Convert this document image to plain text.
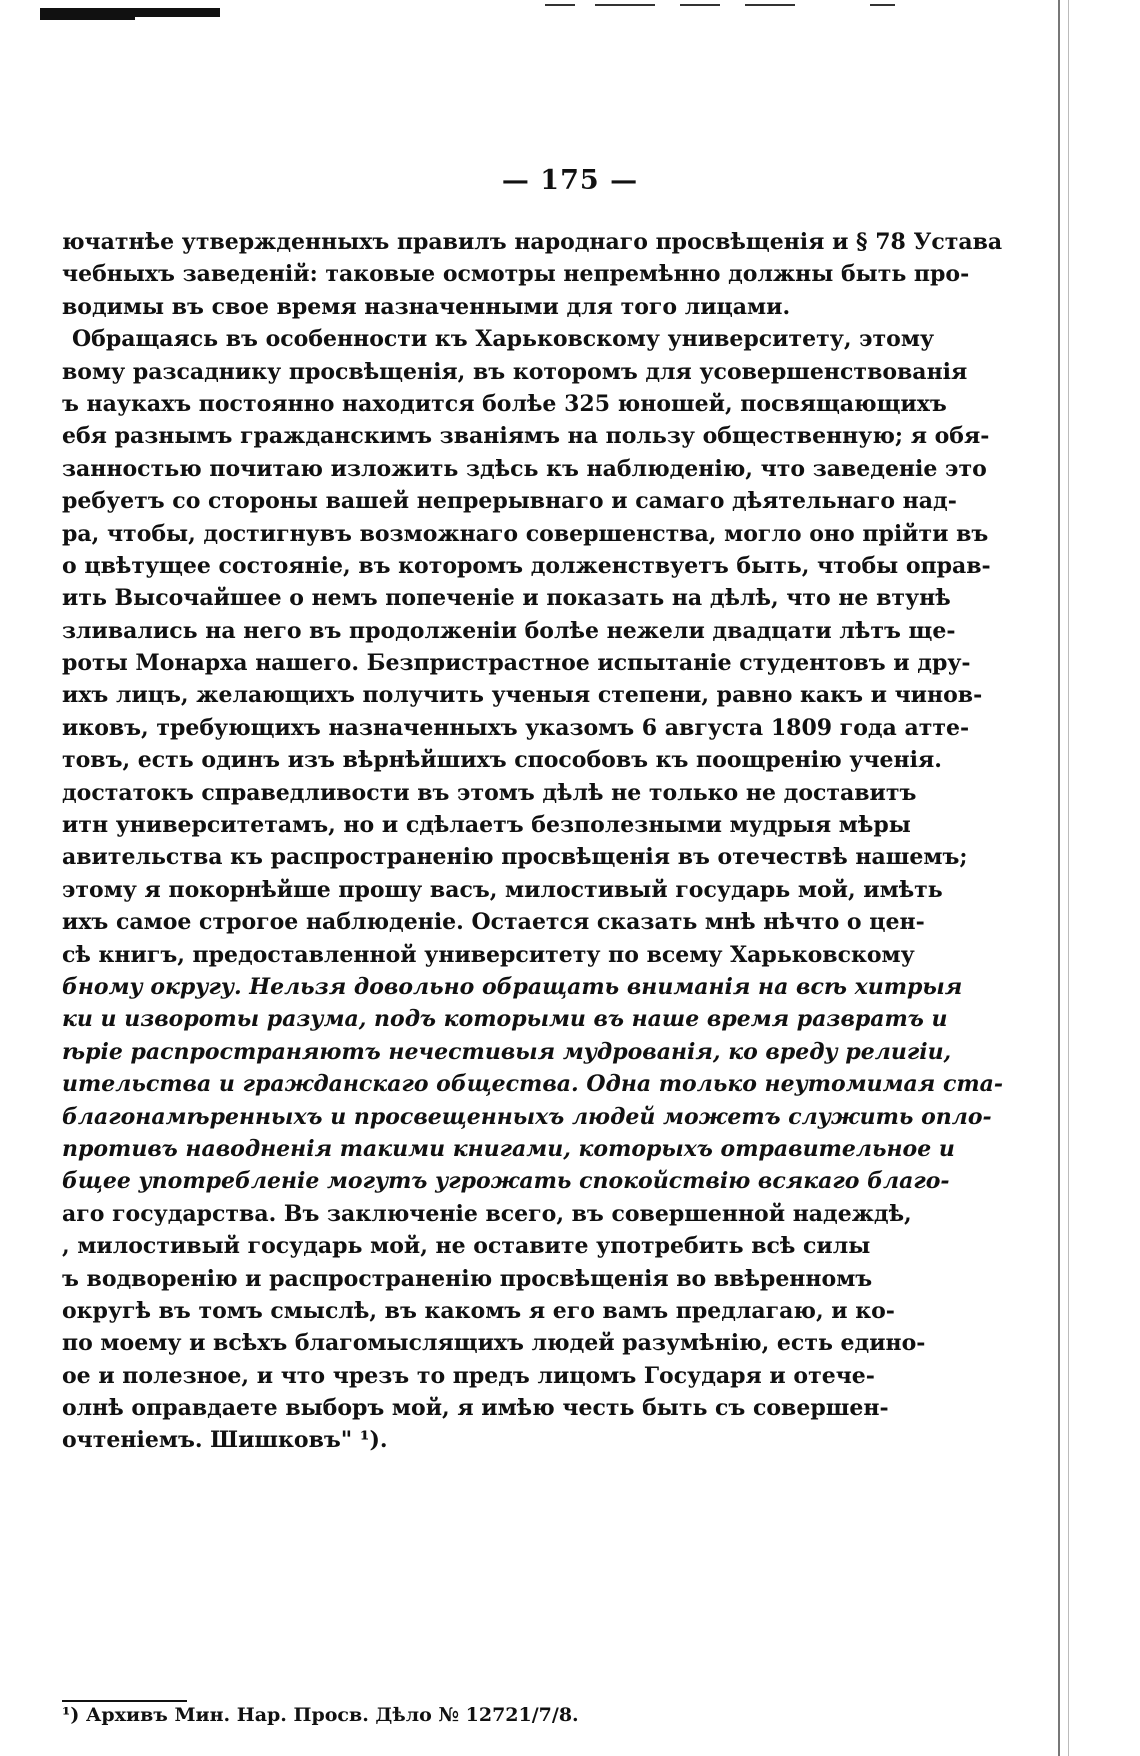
— 175 —
ючатнѣе утвержденныхъ правилъ народнаго просвѣщенія и § 78 Устава
чебныхъ заведеній: таковые осмотры непремѣнно должны быть про-
водимы въ свое время назначенными для того лицами.
Обращаясь въ особенности къ Харьковскому университету, этому
вому разсаднику просвѣщенія, въ которомъ для усовершенствованія
ъ наукахъ постоянно находится болѣе 325 юношей, посвящающихъ
ебя разнымъ гражданскимъ званіямъ на пользу общественную; я обя-
занностью почитаю изложить здѣсь къ наблюденію, что заведеніе это
ребуетъ со стороны вашей непрерывнаго и самаго дѣятельнаго над-
ра, чтобы, достигнувъ возможнаго совершенства, могло оно прійти въ
о цвѣтущее состояніе, въ которомъ долженствуетъ быть, чтобы оправ-
ить Высочайшее о немъ попеченіе и показать на дѣлѣ, что не втунѣ
зливались на него въ продолженіи болѣе нежели двадцати лѣтъ ще-
роты Монарха нашего. Безпристрастное испытаніе студентовъ и дру-
ихъ лицъ, желающихъ получить ученыя степени, равно какъ и чинов-
иковъ, требующихъ назначенныхъ указомъ 6 августа 1809 года атте-
товъ, есть одинъ изъ вѣрнѣйшихъ способовъ къ поощренію ученія.
достатокъ справедливости въ этомъ дѣлѣ не только не доставитъ
итн университетамъ, но и сдѣлаетъ безполезными мудрыя мѣры
авительства къ распространенію просвѣщенія въ отечествѣ нашемъ;
этому я покорнѣйше прошу васъ, милостивый государь мой, имѣть
ихъ самое строгое наблюденіе. Остается сказать мнѣ нѣчто о цен-
сѣ книгъ, предоставленной университету по всему Харьковскому
бному округу. Нельзя довольно обращать вниманія на всѣ хитрыя
ки и извороты разума, подъ которыми въ наше время развратъ и
ѣріе распространяютъ нечестивыя мудрованія, ко вреду религіи,
ительства и гражданскаго общества. Одна только неутомимая ста-
благонамѣренныхъ и просвещенныхъ людей можетъ служить опло-
противъ наводненія такими книгами, которыхъ отравительное и
бщее употребленіе могутъ угрожать спокойствію всякаго благо-
аго государства. Въ заключеніе всего, въ совершенной надеждѣ,
, милостивый государь мой, не оставите употребить всѣ силы
ъ водворенію и распространенію просвѣщенія во ввѣренномъ
округѣ въ томъ смыслѣ, въ какомъ я его вамъ предлагаю, и ко-
по моему и всѣхъ благомыслящихъ людей разумѣнію, есть едино-
ое и полезное, и что чрезъ то предъ лицомъ Государя и отече-
олнѣ оправдаете выборъ мой, я имѣю честь быть съ совершен-
очтеніемъ. Шишковъ" ¹).
¹) Архивъ Мин. Нар. Просв. Дѣло № 12721/7/8.
